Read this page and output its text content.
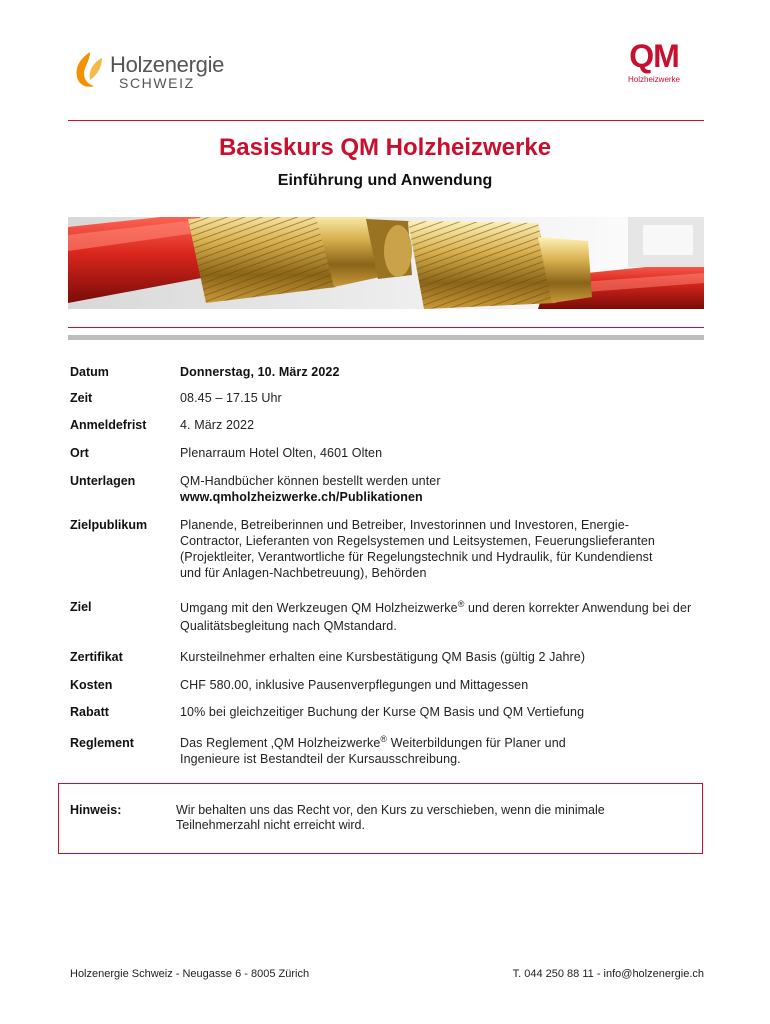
Holzenergie
SCHWEIZ
QM
Holzheizwerke
Basiskurs QM Holzheizwerke
Einführung und Anwendung
Datum	Donnerstag, 10. März 2022
Zeit	08.45 – 17.15 Uhr
Anmeldefrist	4. März 2022
Ort	Plenarraum Hotel Olten, 4601 Olten
Unterlagen	QM-Handbücher können bestellt werden unter
www.qmholzheizwerke.ch/Publikationen
Zielpublikum	Planende, Betreiberinnen und Betreiber, Investorinnen und Investoren, Energie-Contractor, Lieferanten von Regelsystemen und Leitsystemen, Feuerungslieferanten (Projektleiter, Verantwortliche für Regelungstechnik und Hydraulik, für Kundendienst und für Anlagen-Nachbetreuung), Behörden
Ziel	Umgang mit den Werkzeugen QM Holzheizwerke® und deren korrekter Anwendung bei der Qualitätsbegleitung nach QMstandard.
Zertifikat	Kursteilnehmer erhalten eine Kursbestätigung QM Basis (gültig 2 Jahre)
Kosten	CHF 580.00, inklusive Pausenverpflegungen und Mittagessen
Rabatt	10% bei gleichzeitiger Buchung der Kurse QM Basis und QM Vertiefung
Reglement	Das Reglement ‚QM Holzheizwerke® Weiterbildungen für Planer und Ingenieure ist Bestandteil der Kursausschreibung.
Hinweis:	Wir behalten uns das Recht vor, den Kurs zu verschieben, wenn die minimale Teilnehmerzahl nicht erreicht wird.
Holzenergie Schweiz - Neugasse 6 - 8005 Zürich	T. 044 250 88 11 - info@holzenergie.ch
